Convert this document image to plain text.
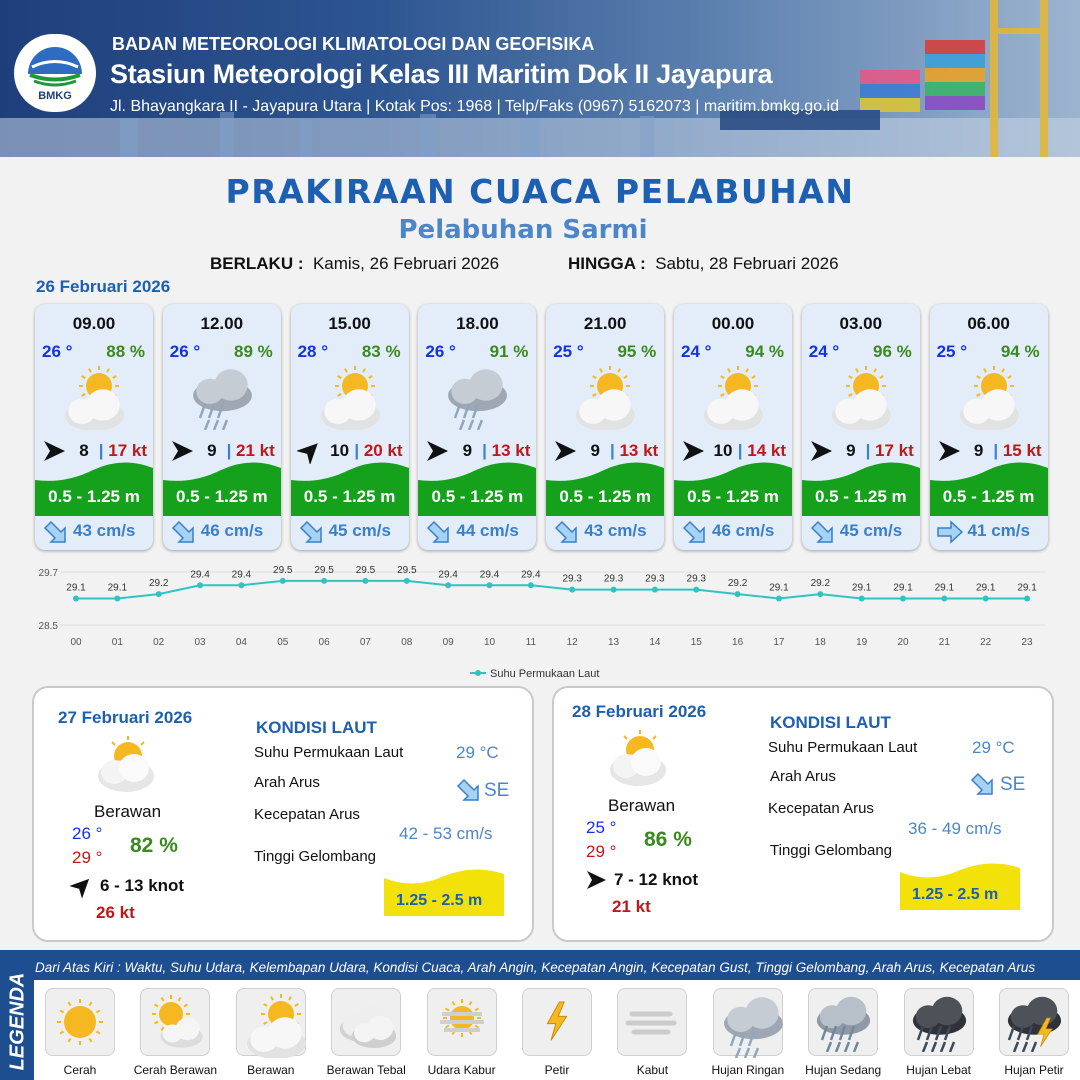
BMKG
BADAN METEOROLOGI KLIMATOLOGI DAN GEOFISIKA
Stasiun Meteorologi Kelas III Maritim Dok II Jayapura
Jl. Bhayangkara II - Jayapura Utara | Kotak Pos: 1968 | Telp/Faks (0967) 5162073 | maritim.bmkg.go.id
PRAKIRAAN CUACA PELABUHAN
Pelabuhan Sarmi
BERLAKU : Kamis, 26 Februari 2026	HINGGA : Sabtu, 28 Februari 2026
26 Februari 2026
09.00
26 ° 88 %
8 | 17 kt
0.5 - 1.25 m
43 cm/s
12.00
26 ° 89 %
9 | 21 kt
0.5 - 1.25 m
46 cm/s
15.00
28 ° 83 %
10 | 20 kt
0.5 - 1.25 m
45 cm/s
18.00
26 ° 91 %
9 | 13 kt
0.5 - 1.25 m
44 cm/s
21.00
25 ° 95 %
9 | 13 kt
0.5 - 1.25 m
43 cm/s
00.00
24 ° 94 %
10 | 14 kt
0.5 - 1.25 m
46 cm/s
03.00
24 ° 96 %
9 | 17 kt
0.5 - 1.25 m
45 cm/s
06.00
25 ° 94 %
9 | 15 kt
0.5 - 1.25 m
41 cm/s
29.7
28.5
29.1
00
29.1
01
29.2
02
29.4
03
29.4
04
29.5
05
29.5
06
29.5
07
29.5
08
29.4
09
29.4
10
29.4
11
29.3
12
29.3
13
29.3
14
29.3
15
29.2
16
29.1
17
29.2
18
29.1
19
29.1
20
29.1
21
29.1
22
29.1
23
Suhu Permukaan Laut
27 Februari 2026
Berawan
26 °
29 °
82 %
6 - 13 knot
26 kt
KONDISI LAUT
Suhu Permukaan Laut	29 °C
Arah Arus	SE
Kecepatan Arus
42 - 53 cm/s
Tinggi Gelombang
1.25 - 2.5 m
28 Februari 2026
Berawan
25 °
29 °
86 %
7 - 12 knot
21 kt
KONDISI LAUT
Suhu Permukaan Laut	29 °C
Arah Arus	SE
Kecepatan Arus
36 - 49 cm/s
Tinggi Gelombang
1.25 - 2.5 m
LEGENDA
Dari Atas Kiri : Waktu, Suhu Udara, Kelembapan Udara, Kondisi Cuaca, Arah Angin, Kecepatan Angin, Kecepatan Gust, Tinggi Gelombang, Arah Arus, Kecepatan Arus
Cerah	Cerah Berawan	Berawan	Berawan Tebal	Udara Kabur	Petir	Kabut	Hujan Ringan	Hujan Sedang	Hujan Lebat	Hujan Petir
